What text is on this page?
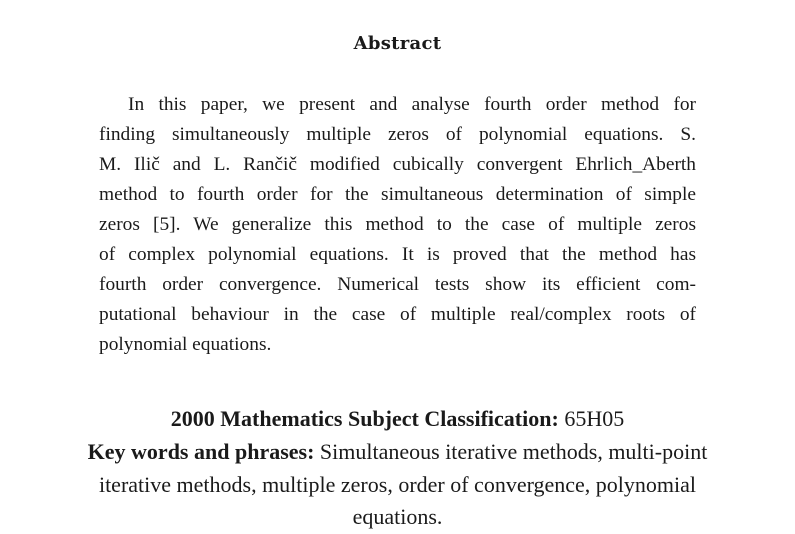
Abstract
In this paper, we present and analyse fourth order method for
finding simultaneously multiple zeros of polynomial equations. S.
M. Ilič and L. Rančič modified cubically convergent Ehrlich_Aberth
method to fourth order for the simultaneous determination of simple
zeros [5]. We generalize this method to the case of multiple zeros
of complex polynomial equations. It is proved that the method has
fourth order convergence. Numerical tests show its efficient com-
putational behaviour in the case of multiple real/complex roots of
polynomial equations.
2000 Mathematics Subject Classification: 65H05
Key words and phrases: Simultaneous iterative methods, multi-point
iterative methods, multiple zeros, order of convergence, polynomial
equations.
